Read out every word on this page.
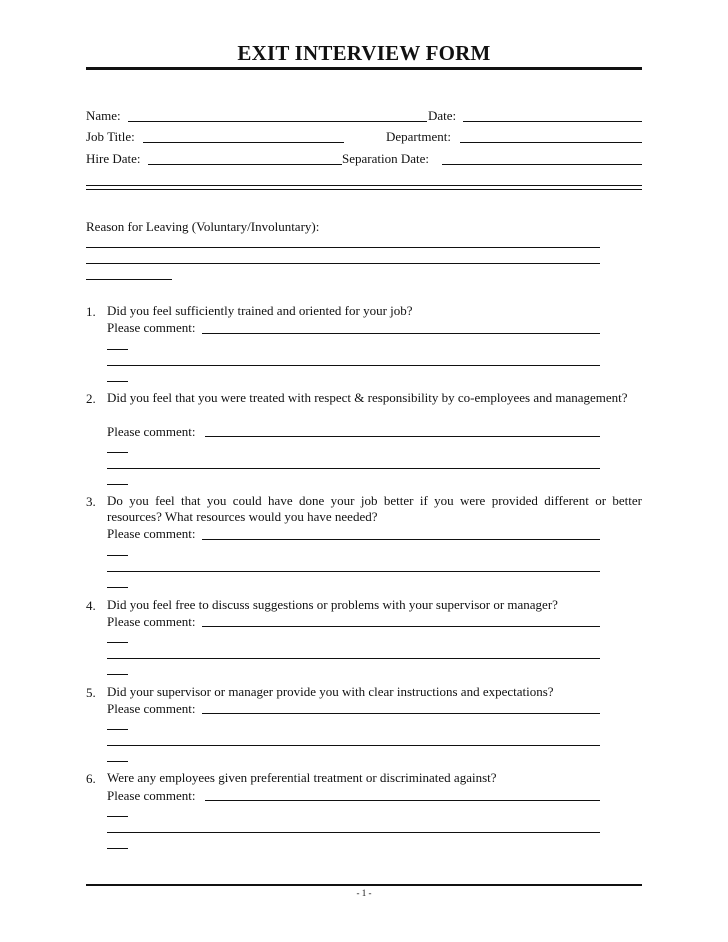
EXIT INTERVIEW FORM
Name:	Date:
Job Title:	Department:
Hire Date:	Separation Date:
Reason for Leaving (Voluntary/Involuntary):
1. Did you feel sufficiently trained and oriented for your job?
Please comment:
2. Did you feel that you were treated with respect & responsibility by co-employees and management?
Please comment:
3. Do you feel that you could have done your job better if you were provided different or better resources? What resources would you have needed?
Please comment:
4. Did you feel free to discuss suggestions or problems with your supervisor or manager?
Please comment:
5. Did your supervisor or manager provide you with clear instructions and expectations?
Please comment:
6. Were any employees given preferential treatment or discriminated against?
Please comment:
- 1 -
